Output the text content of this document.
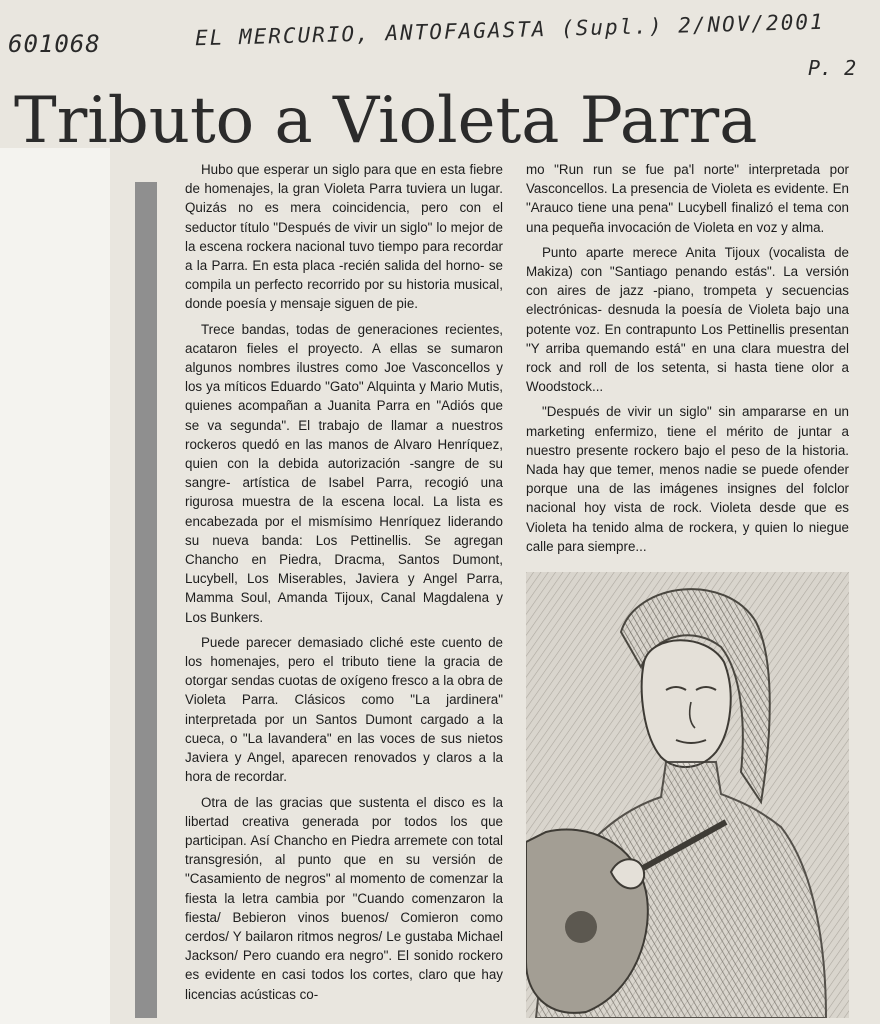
601068	EL MERCURIO, ANTOFAGASTA (Supl.) 2/NOV/2001
P. 2
Tributo a Violeta Parra

Hubo que esperar un siglo para que en esta fiebre de homenajes, la gran Violeta Parra tuviera un lugar. Quizás no es mera coincidencia, pero con el seductor título "Después de vivir un siglo" lo mejor de la escena rockera nacional tuvo tiempo para recordar a la Parra. En esta placa -recién salida del horno- se compila un perfecto recorrido por su historia musical, donde poesía y mensaje siguen de pie.

Trece bandas, todas de generaciones recientes, acataron fieles el proyecto. A ellas se sumaron algunos nombres ilustres como Joe Vasconcellos y los ya míticos Eduardo "Gato" Alquinta y Mario Mutis, quienes acompañan a Juanita Parra en "Adiós que se va segunda". El trabajo de llamar a nuestros rockeros quedó en las manos de Alvaro Henríquez, quien con la debida autorización -sangre de su sangre- artística de Isabel Parra, recogió una rigurosa muestra de la escena local. La lista es encabezada por el mismísimo Henríquez liderando su nueva banda: Los Pettinellis. Se agregan Chancho en Piedra, Dracma, Santos Dumont, Lucybell, Los Miserables, Javiera y Angel Parra, Mamma Soul, Amanda Tijoux, Canal Magdalena y Los Bunkers.

Puede parecer demasiado cliché este cuento de los homenajes, pero el tributo tiene la gracia de otorgar sendas cuotas de oxígeno fresco a la obra de Violeta Parra. Clásicos como "La jardinera" interpretada por un Santos Dumont cargado a la cueca, o "La lavandera" en las voces de sus nietos Javiera y Angel, aparecen renovados y claros a la hora de recordar.

Otra de las gracias que sustenta el disco es la libertad creativa generada por todos los que participan. Así Chancho en Piedra arremete con total transgresión, al punto que en su versión de "Casamiento de negros" al momento de comenzar la fiesta la letra cambia por "Cuando comenzaron la fiesta/ Bebieron vinos buenos/ Comieron como cerdos/ Y bailaron ritmos negros/ Le gustaba Michael Jackson/ Pero cuando era negro". El sonido rockero es evidente en casi todos los cortes, claro que hay licencias acústicas co-

mo "Run run se fue pa'l norte" interpretada por Vasconcellos. La presencia de Violeta es evidente. En "Arauco tiene una pena" Lucybell finalizó el tema con una pequeña invocación de Violeta en voz y alma.

Punto aparte merece Anita Tijoux (vocalista de Makiza) con "Santiago penando estás". La versión con aires de jazz -piano, trompeta y secuencias electrónicas- desnuda la poesía de Violeta bajo una potente voz. En contrapunto Los Pettinellis presentan "Y arriba quemando está" en una clara muestra del rock and roll de los setenta, si hasta tiene olor a Woodstock...

"Después de vivir un siglo" sin ampararse en un marketing enfermizo, tiene el mérito de juntar a nuestro presente rockero bajo el peso de la historia. Nada hay que temer, menos nadie se puede ofender porque una de las imágenes insignes del folclor nacional hoy vista de rock. Violeta desde que es Violeta ha tenido alma de rockera, y quien lo niegue calle para siempre...
